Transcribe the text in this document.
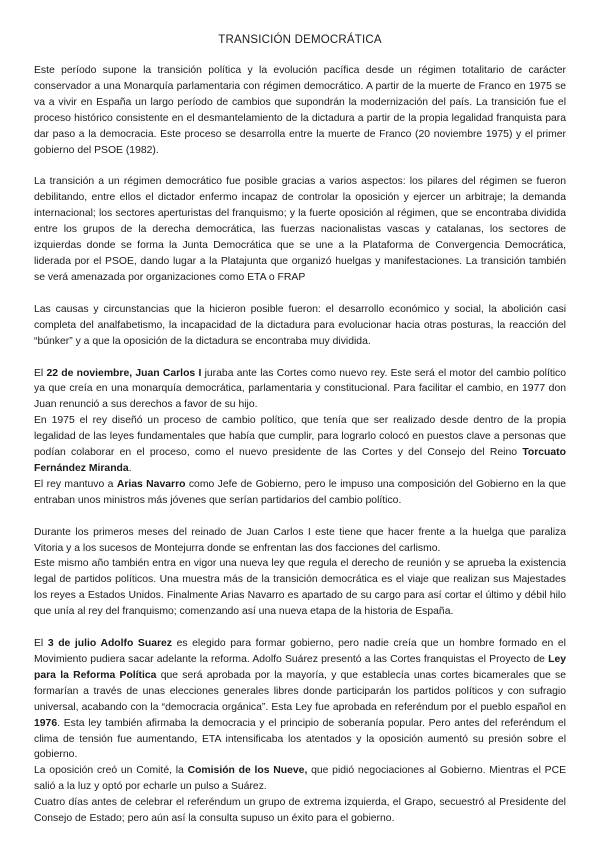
TRANSICIÓN DEMOCRÁTICA

Este período supone la transición política y la evolución pacífica desde un régimen totalitario de carácter conservador a una Monarquía parlamentaria con régimen democrático. A partir de la muerte de Franco en 1975 se va a vivir en España un largo período de cambios que supondrán la modernización del país. La transición fue el proceso histórico consistente en el desmantelamiento de la dictadura a partir de la propia legalidad franquista para dar paso a la democracia. Este proceso se desarrolla entre la muerte de Franco (20 noviembre 1975) y el primer gobierno del PSOE (1982).

La transición a un régimen democrático fue posible gracias a varios aspectos: los pilares del régimen se fueron debilitando, entre ellos el dictador enfermo incapaz de controlar la oposición y ejercer un arbitraje; la demanda internacional; los sectores aperturistas del franquismo; y la fuerte oposición al régimen, que se encontraba dividida entre los grupos de la derecha democrática, las fuerzas nacionalistas vascas y catalanas, los sectores de izquierdas donde se forma la Junta Democrática que se une a la Plataforma de Convergencia Democrática, liderada por el PSOE, dando lugar a la Platajunta que organizó huelgas y manifestaciones. La transición también se verá amenazada por organizaciones como ETA o FRAP

Las causas y circunstancias que la hicieron posible fueron: el desarrollo económico y social, la abolición casi completa del analfabetismo, la incapacidad de la dictadura para evolucionar hacia otras posturas, la reacción del “búnker” y a que la oposición de la dictadura se encontraba muy dividida.

El 22 de noviembre, Juan Carlos I juraba ante las Cortes como nuevo rey. Este será el motor del cambio político ya que creía en una monarquía democrática, parlamentaria y constitucional. Para facilitar el cambio, en 1977 don Juan renunció a sus derechos a favor de su hijo.

En 1975 el rey diseñó un proceso de cambio político, que tenía que ser realizado desde dentro de la propia legalidad de las leyes fundamentales que había que cumplir, para lograrlo colocó en puestos clave a personas que podían colaborar en el proceso, como el nuevo presidente de las Cortes y del Consejo del Reino Torcuato Fernández Miranda.

El rey mantuvo a Arias Navarro como Jefe de Gobierno, pero le impuso una composición del Gobierno en la que entraban unos ministros más jóvenes que serían partidarios del cambio político.

Durante los primeros meses del reinado de Juan Carlos I este tiene que hacer frente a la huelga que paraliza Vitoria y a los sucesos de Montejurra donde se enfrentan las dos facciones del carlismo.

Este mismo año también entra en vigor una nueva ley que regula el derecho de reunión y se aprueba la existencia legal de partidos políticos. Una muestra más de la transición democrática es el viaje que realizan sus Majestades los reyes a Estados Unidos. Finalmente Arias Navarro es apartado de su cargo para así cortar el último y débil hilo que unía al rey del franquismo; comenzando así una nueva etapa de la historia de España.

El 3 de julio Adolfo Suarez es elegido para formar gobierno, pero nadie creía que un hombre formado en el Movimiento pudiera sacar adelante la reforma. Adolfo Suárez presentó a las Cortes franquistas el Proyecto de Ley para la Reforma Política que será aprobada por la mayoría, y que establecía unas cortes bicamerales que se formarían a través de unas elecciones generales libres donde participarán los partidos políticos y con sufragio universal, acabando con la “democracia orgánica”. Esta Ley fue aprobada en referéndum por el pueblo español en 1976. Esta ley también afirmaba la democracia y el principio de soberanía popular. Pero antes del referéndum el clima de tensión fue aumentando, ETA intensificaba los atentados y la oposición aumentó su presión sobre el gobierno.

La oposición creó un Comité, la Comisión de los Nueve, que pidió negociaciones al Gobierno. Mientras el PCE salió a la luz y optó por echarle un pulso a Suárez.

Cuatro días antes de celebrar el referéndum un grupo de extrema izquierda, el Grapo, secuestró al Presidente del Consejo de Estado; pero aún así la consulta supuso un éxito para el gobierno.
